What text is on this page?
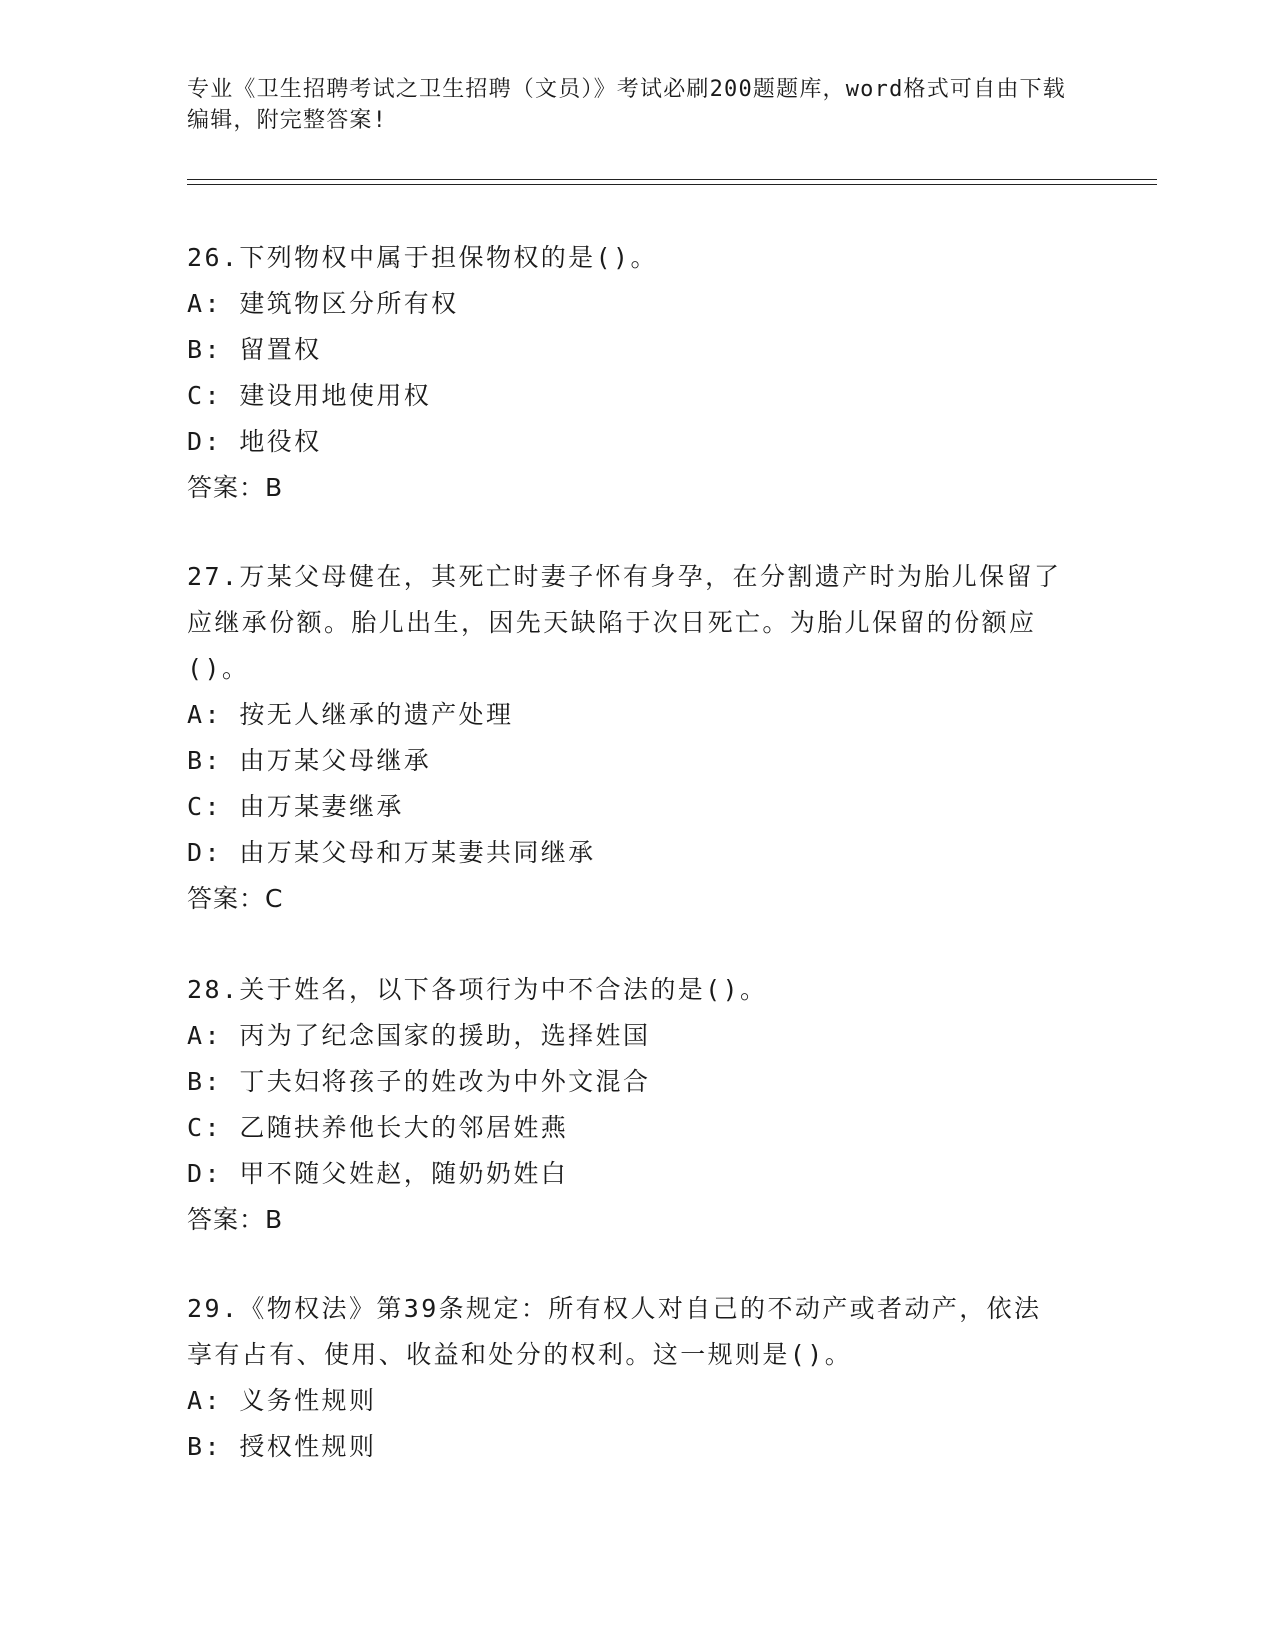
专业《卫生招聘考试之卫生招聘（文员）》考试必刷200题题库，word格式可自由下载编辑，附完整答案!

26.下列物权中属于担保物权的是()。

A: 建筑物区分所有权

B: 留置权

C: 建设用地使用权

D: 地役权

答案：B

27.万某父母健在，其死亡时妻子怀有身孕，在分割遗产时为胎儿保留了应继承份额。胎儿出生，因先天缺陷于次日死亡。为胎儿保留的份额应()。

A: 按无人继承的遗产处理

B: 由万某父母继承

C: 由万某妻继承

D: 由万某父母和万某妻共同继承

答案：C

28.关于姓名，以下各项行为中不合法的是()。

A: 丙为了纪念国家的援助，选择姓国

B: 丁夫妇将孩子的姓改为中外文混合

C: 乙随扶养他长大的邻居姓燕

D: 甲不随父姓赵，随奶奶姓白

答案：B

29.《物权法》第39条规定：所有权人对自己的不动产或者动产，依法享有占有、使用、收益和处分的权利。这一规则是()。

A: 义务性规则

B: 授权性规则
